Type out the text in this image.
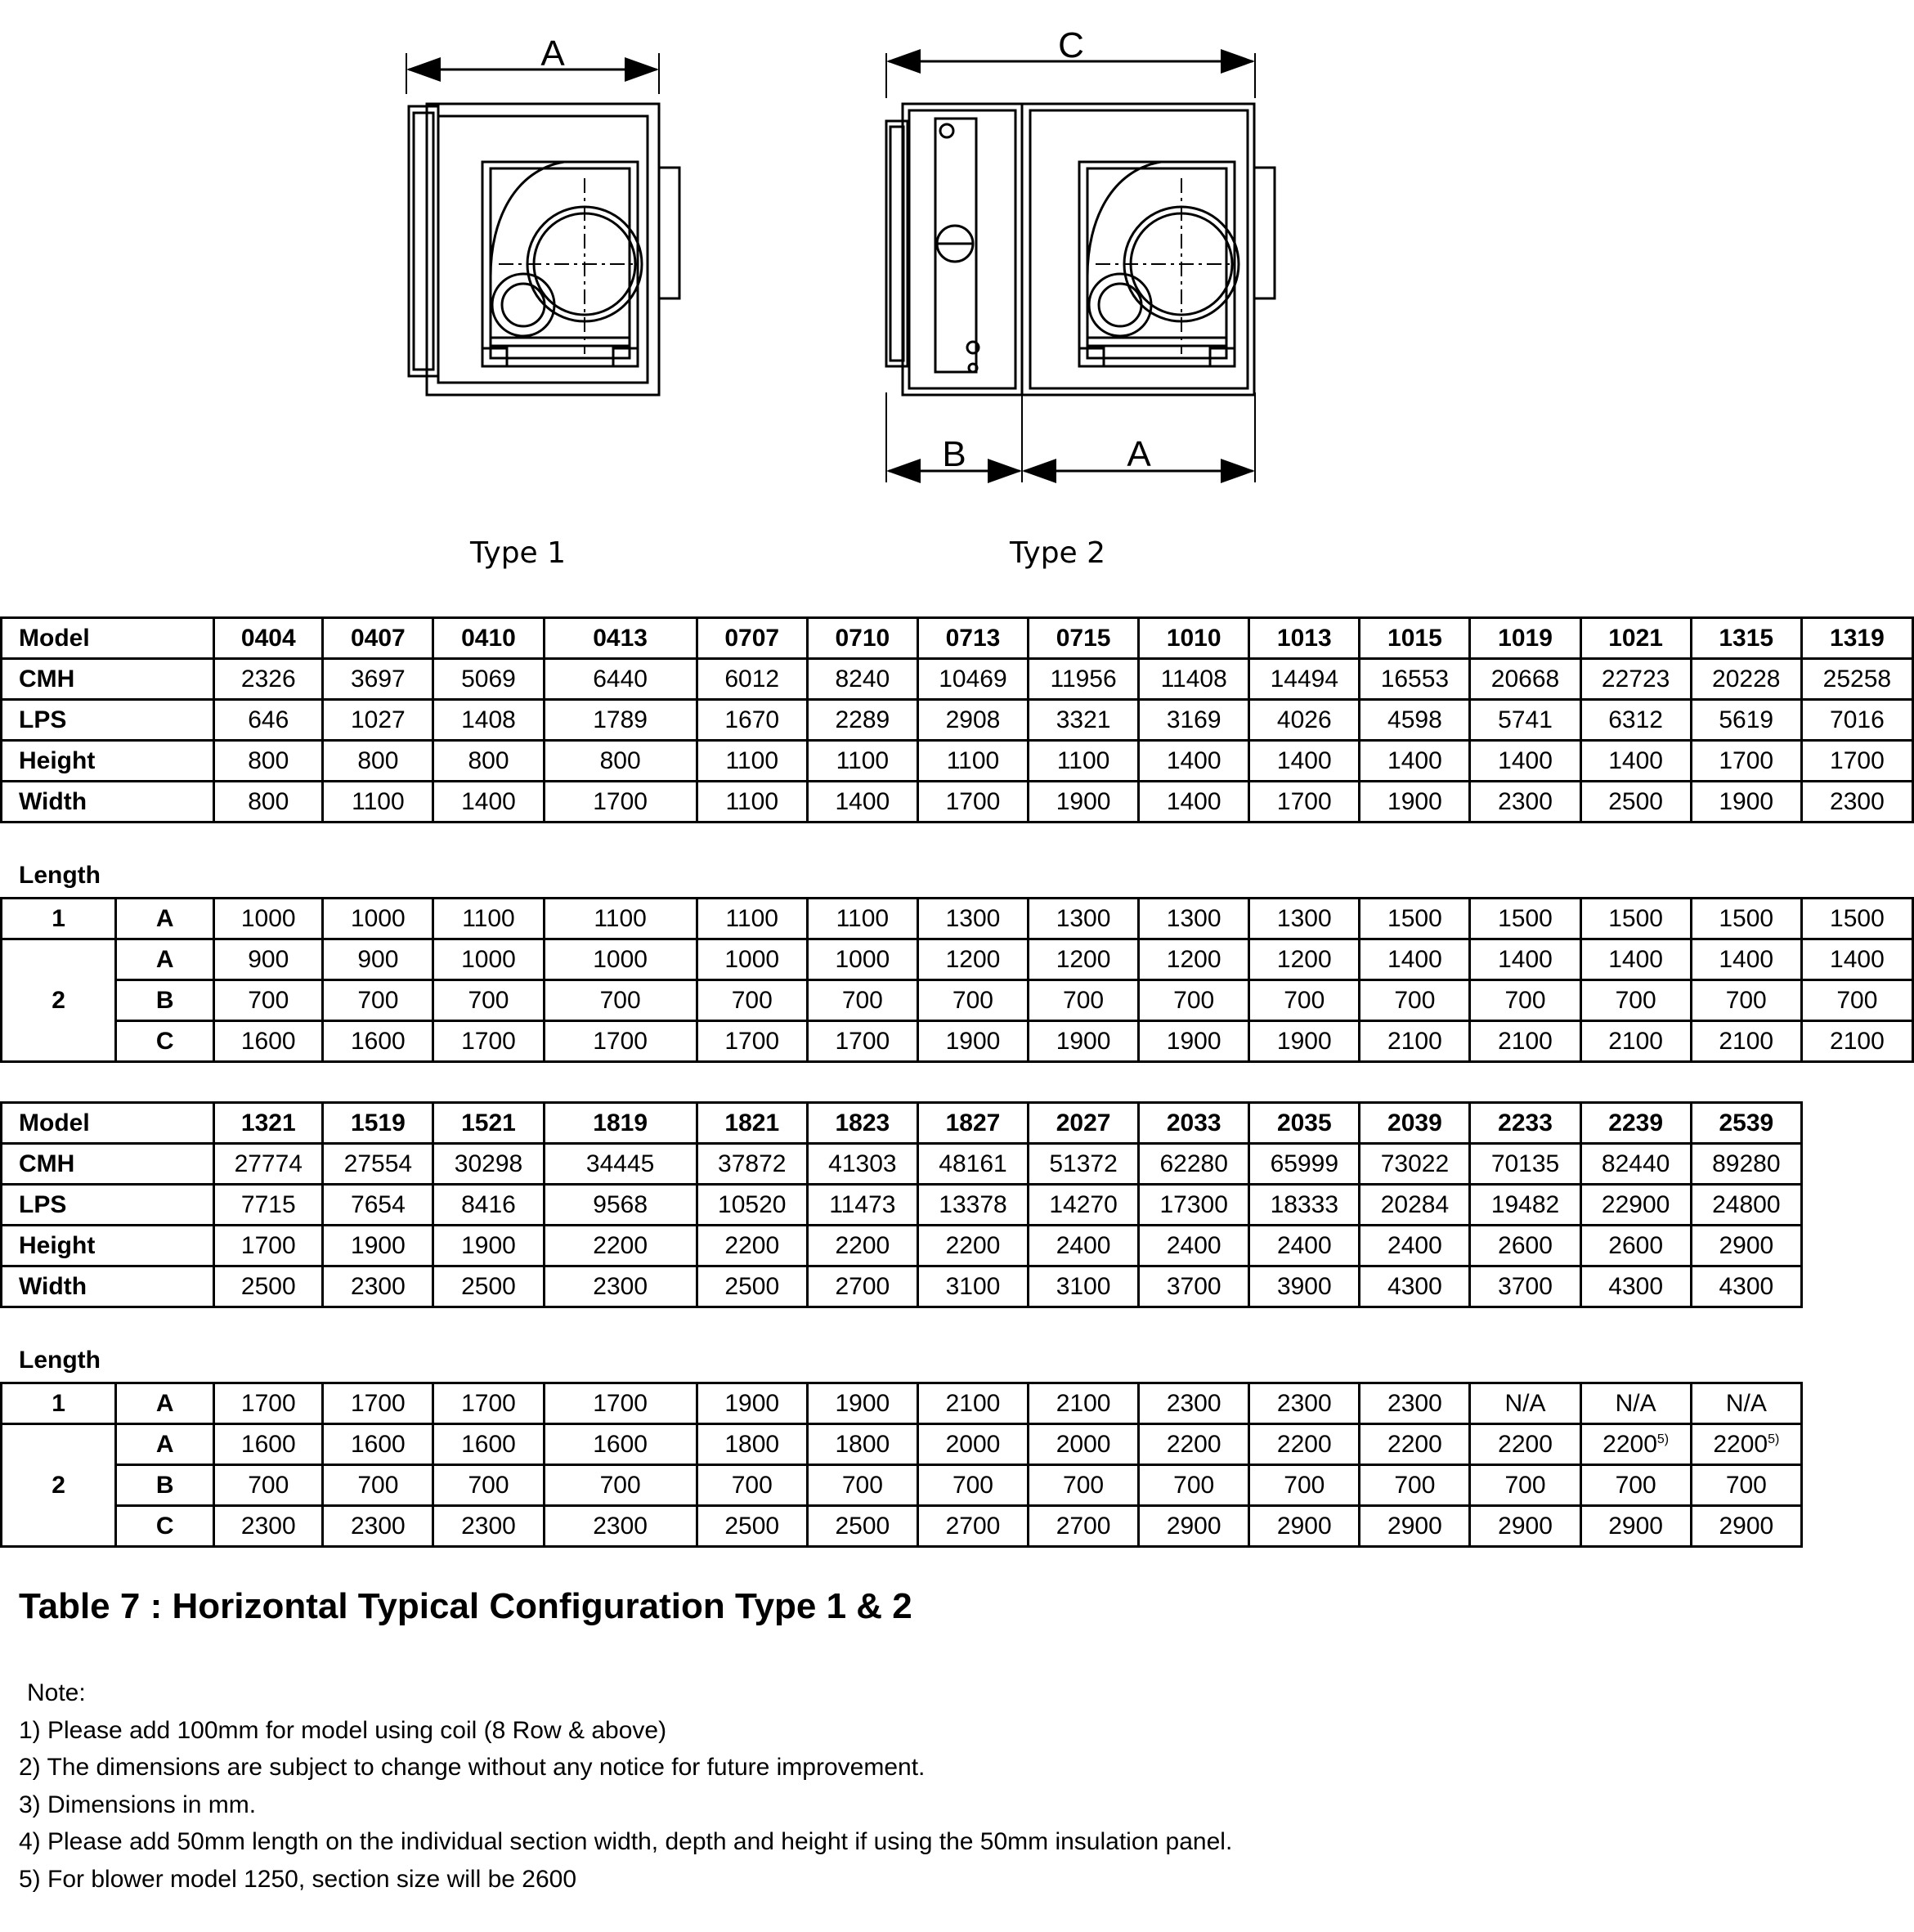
A	C
B	A
Type 1	Type 2
Model	0404	0407	0410	0413	0707	0710	0713	0715	1010	1013	1015	1019	1021	1315	1319
CMH	2326	3697	5069	6440	6012	8240	10469	11956	11408	14494	16553	20668	22723	20228	25258
LPS	646	1027	1408	1789	1670	2289	2908	3321	3169	4026	4598	5741	6312	5619	7016
Height	800	800	800	800	1100	1100	1100	1100	1400	1400	1400	1400	1400	1700	1700
Width	800	1100	1400	1700	1100	1400	1700	1900	1400	1700	1900	2300	2500	1900	2300
Length
1	A	1000	1000	1100	1100	1100	1100	1300	1300	1300	1300	1500	1500	1500	1500	1500
2	A	900	900	1000	1000	1000	1000	1200	1200	1200	1200	1400	1400	1400	1400	1400
	B	700	700	700	700	700	700	700	700	700	700	700	700	700	700	700
	C	1600	1600	1700	1700	1700	1700	1900	1900	1900	1900	2100	2100	2100	2100	2100
Model	1321	1519	1521	1819	1821	1823	1827	2027	2033	2035	2039	2233	2239	2539
CMH	27774	27554	30298	34445	37872	41303	48161	51372	62280	65999	73022	70135	82440	89280
LPS	7715	7654	8416	9568	10520	11473	13378	14270	17300	18333	20284	19482	22900	24800
Height	1700	1900	1900	2200	2200	2200	2200	2400	2400	2400	2400	2600	2600	2900
Width	2500	2300	2500	2300	2500	2700	3100	3100	3700	3900	4300	3700	4300	4300
Length
1	A	1700	1700	1700	1700	1900	1900	2100	2100	2300	2300	2300	N/A	N/A	N/A
2	A	1600	1600	1600	1600	1800	1800	2000	2000	2200	2200	2200	2200	2200$^{5)}$	2200$^{5)}$
	B	700	700	700	700	700	700	700	700	700	700	700	700	700	700
	C	2300	2300	2300	2300	2500	2500	2700	2700	2900	2900	2900	2900	2900	2900
Table 7 : Horizontal Typical Configuration Type 1 & 2
Note:
1) Please add 100mm for model using coil (8 Row & above)
2) The dimensions are subject to change without any notice for future improvement.
3) Dimensions in mm.
4) Please add 50mm length on the individual section width, depth and height if using the 50mm insulation panel.
5) For blower model 1250, section size will be 2600
